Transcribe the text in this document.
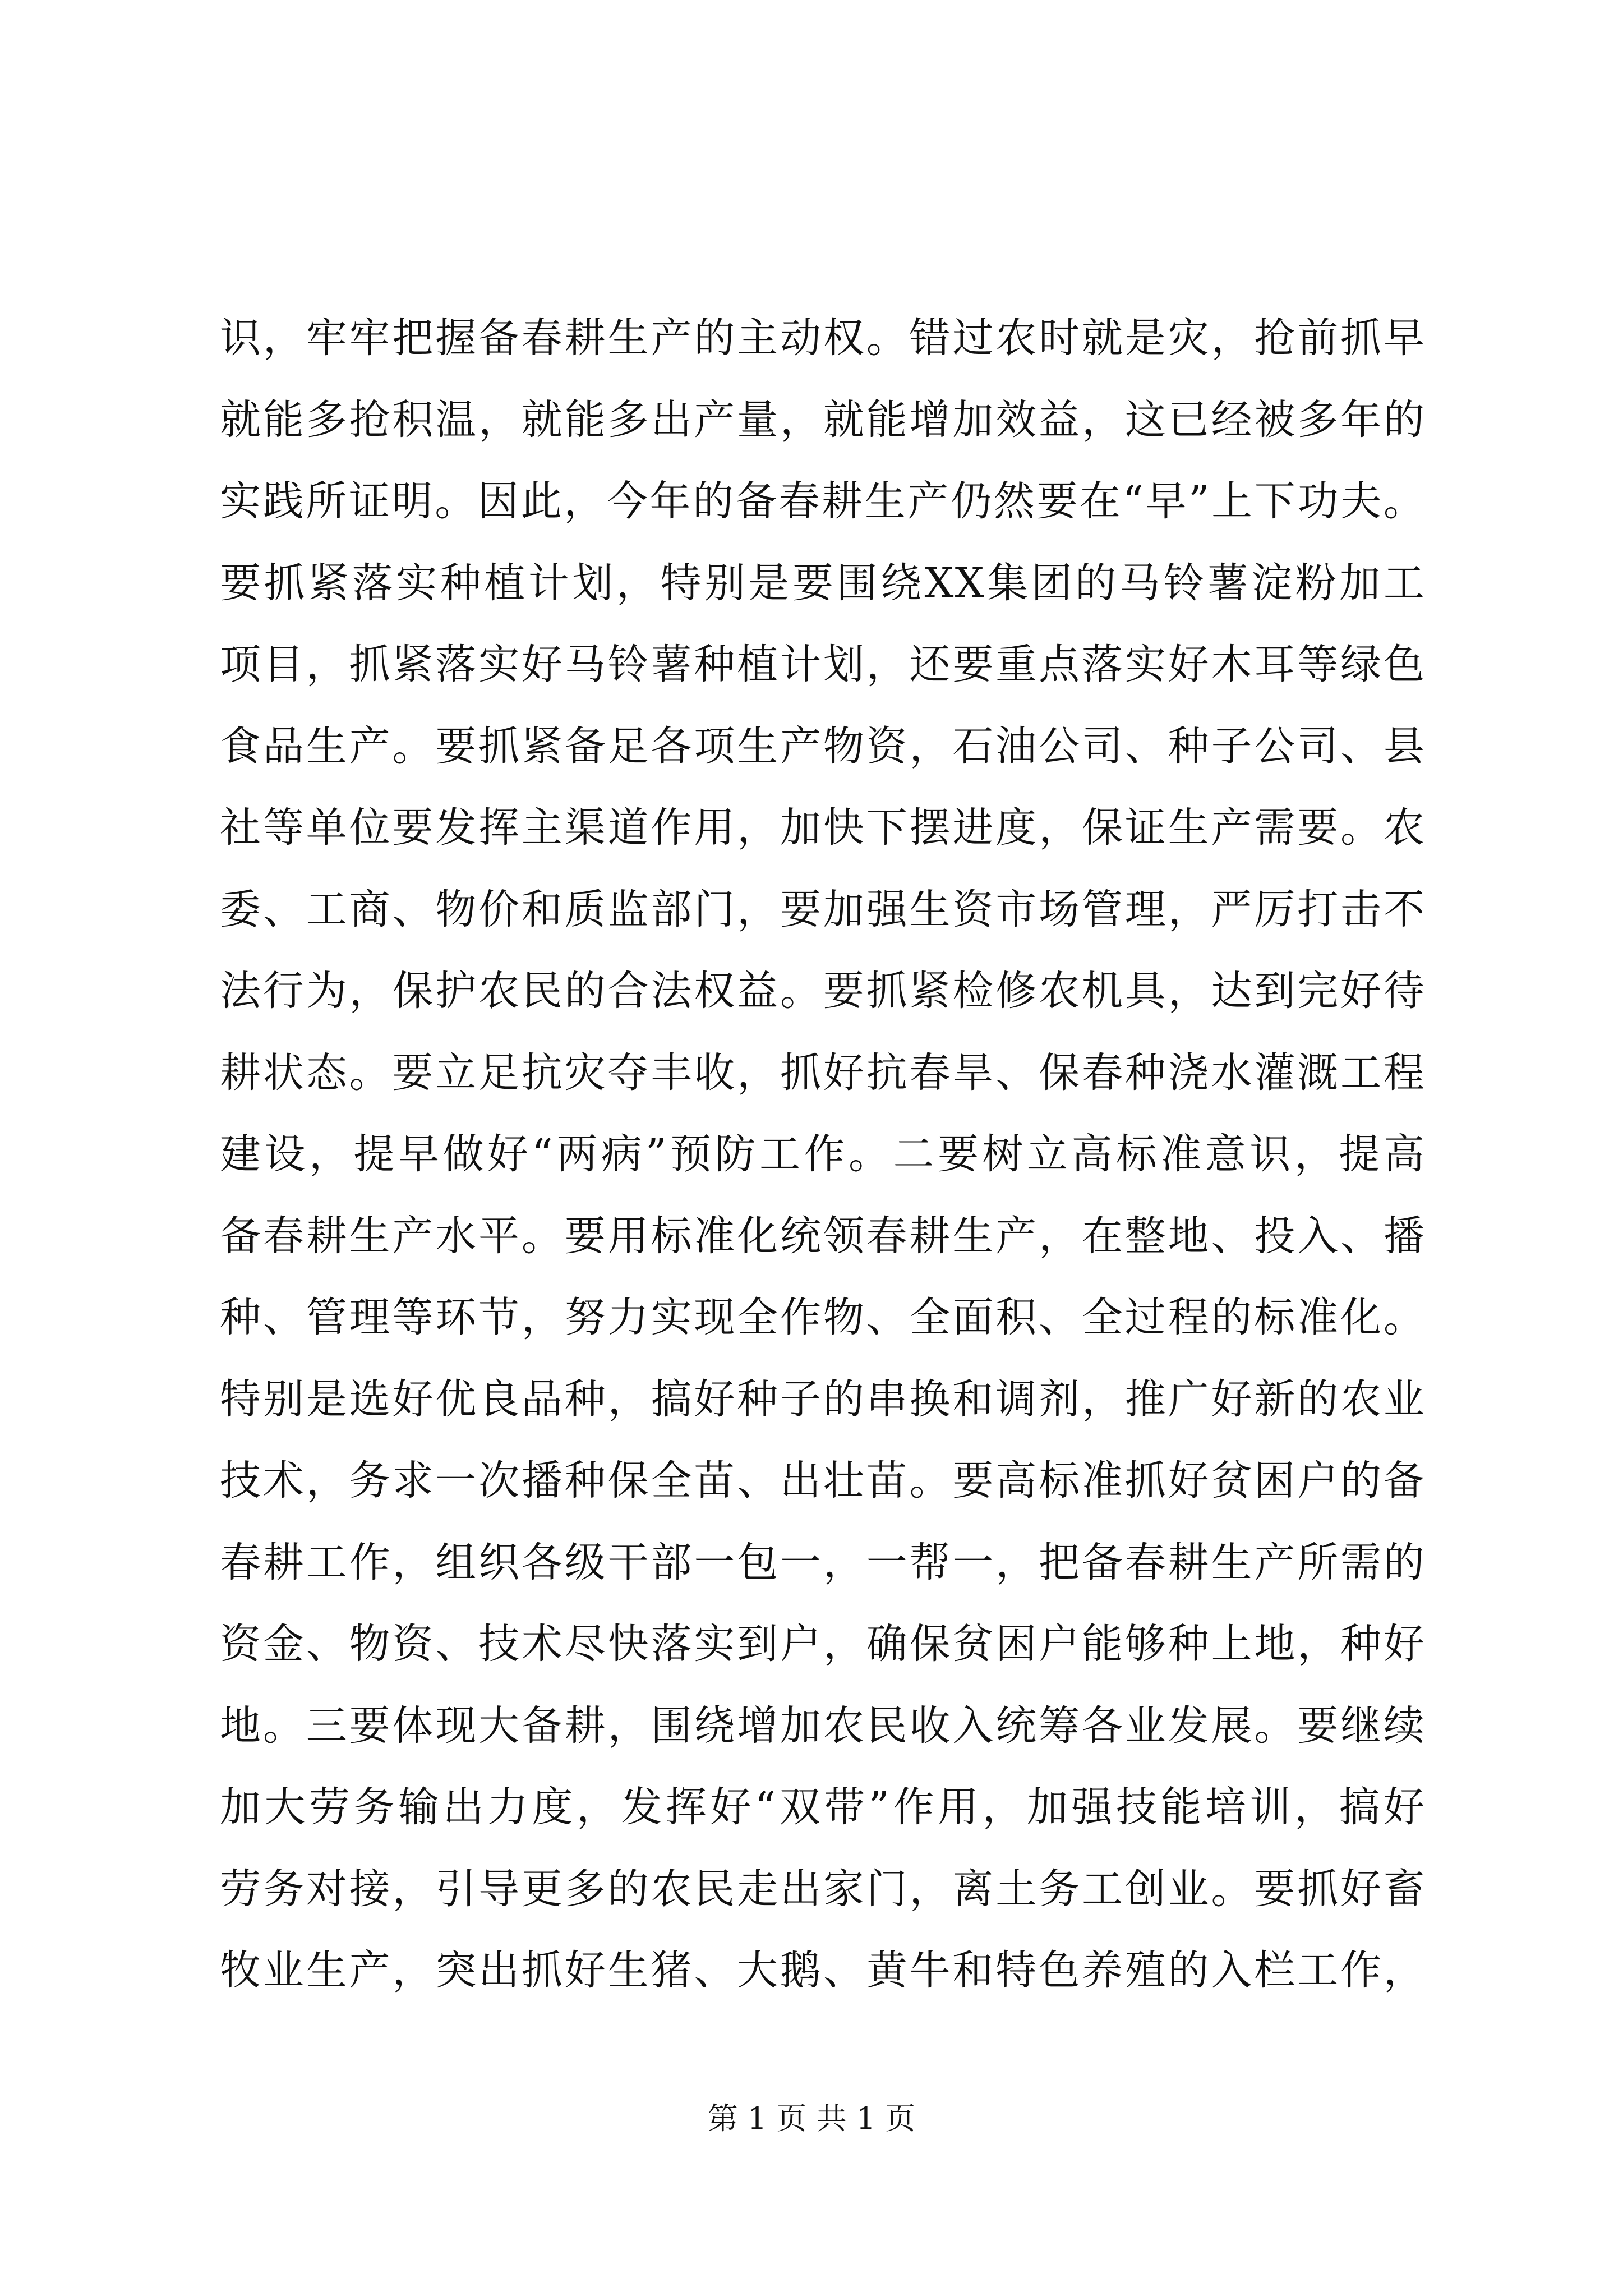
识，牢牢把握备春耕生产的主动权。错过农时就是灾，抢前抓早
就能多抢积温，就能多出产量，就能增加效益，这已经被多年的
实践所证明。因此，今年的备春耕生产仍然要在“早”上下功夫。
要抓紧落实种植计划，特别是要围绕XX集团的马铃薯淀粉加工
项目，抓紧落实好马铃薯种植计划，还要重点落实好木耳等绿色
食品生产。要抓紧备足各项生产物资，石油公司、种子公司、县
社等单位要发挥主渠道作用，加快下摆进度，保证生产需要。农
委、工商、物价和质监部门，要加强生资市场管理，严厉打击不
法行为，保护农民的合法权益。要抓紧检修农机具，达到完好待
耕状态。要立足抗灾夺丰收，抓好抗春旱、保春种浇水灌溉工程
建设，提早做好“两病”预防工作。二要树立高标准意识，提高
备春耕生产水平。要用标准化统领春耕生产，在整地、投入、播
种、管理等环节，努力实现全作物、全面积、全过程的标准化。
特别是选好优良品种，搞好种子的串换和调剂，推广好新的农业
技术，务求一次播种保全苗、出壮苗。要高标准抓好贫困户的备
春耕工作，组织各级干部一包一，一帮一，把备春耕生产所需的
资金、物资、技术尽快落实到户，确保贫困户能够种上地，种好
地。三要体现大备耕，围绕增加农民收入统筹各业发展。要继续
加大劳务输出力度，发挥好“双带”作用，加强技能培训，搞好
劳务对接，引导更多的农民走出家门，离土务工创业。要抓好畜
牧业生产，突出抓好生猪、大鹅、黄牛和特色养殖的入栏工作，
第 1 页 共 1 页
